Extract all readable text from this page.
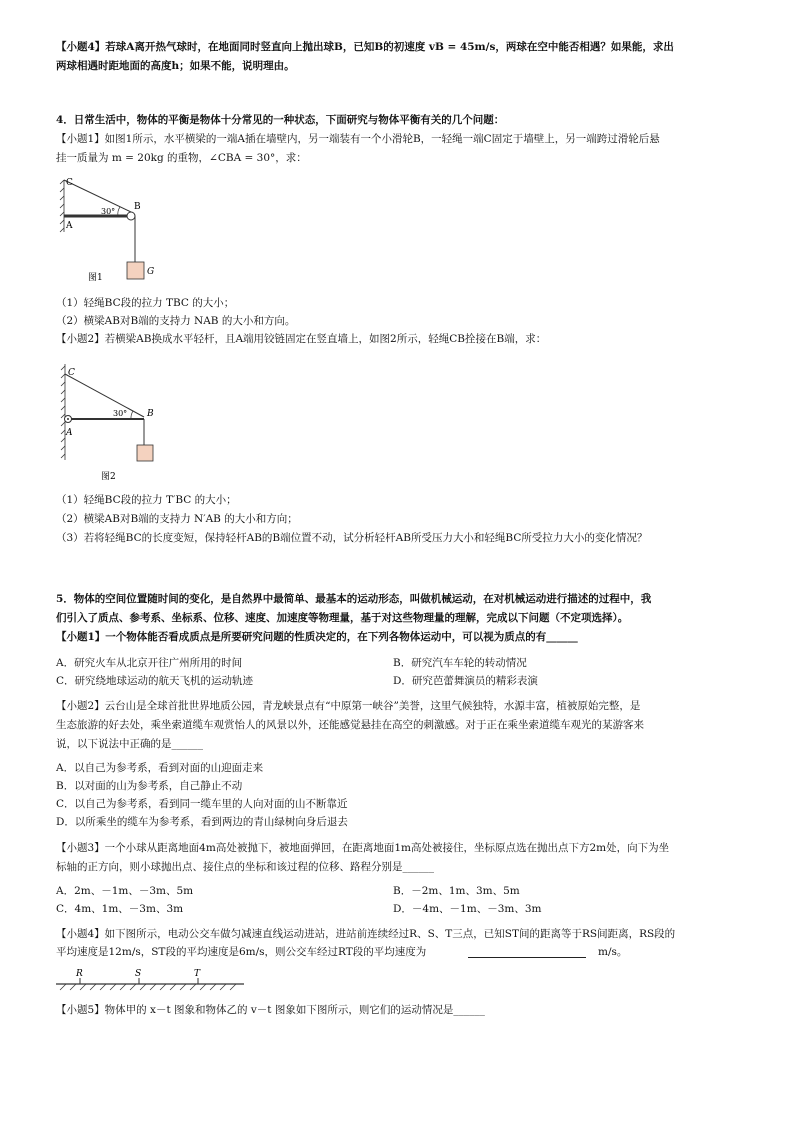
【小题4】若球A离开热气球时，在地面同时竖直向上抛出球B，已知B的初速度 vB = 45m/s，两球在空中能否相遇？如果能，求出
两球相遇时距地面的高度h；如果不能，说明理由。
4．日常生活中，物体的平衡是物体十分常见的一种状态，下面研究与物体平衡有关的几个问题：
【小题1】如图1所示，水平横梁的一端A插在墙壁内，另一端装有一个小滑轮B，一轻绳一端C固定于墙壁上，另一端跨过滑轮后悬
挂一质量为 m = 20kg 的重物，∠CBA = 30°，求：
C
A
B
G
30°
图1
（1）轻绳BC段的拉力 TBC 的大小；
（2）横梁AB对B端的支持力 NAB 的大小和方向。
【小题2】若横梁AB换成水平轻杆，且A端用铰链固定在竖直墙上，如图2所示，轻绳CB拴接在B端，求：
C
A
B
30°
图2
（1）轻绳BC段的拉力 T′BC 的大小；
（2）横梁AB对B端的支持力 N′AB 的大小和方向；
（3）若将轻绳BC的长度变短，保持轻杆AB的B端位置不动，试分析轻杆AB所受压力大小和轻绳BC所受拉力大小的变化情况？
5．物体的空间位置随时间的变化，是自然界中最简单、最基本的运动形态，叫做机械运动，在对机械运动进行描述的过程中，我
们引入了质点、参考系、坐标系、位移、速度、加速度等物理量，基于对这些物理量的理解，完成以下问题（不定项选择）。
【小题1】一个物体能否看成质点是所要研究问题的性质决定的，在下列各物体运动中，可以视为质点的有______
A．研究火车从北京开往广州所用的时间	B．研究汽车车轮的转动情况
C．研究绕地球运动的航天飞机的运动轨迹	D．研究芭蕾舞演员的精彩表演
【小题2】云台山是全球首批世界地质公园，青龙峡景点有“中原第一峡谷”美誉，这里气候独特，水源丰富，植被原始完整，是
生态旅游的好去处，乘坐索道缆车观赏怡人的风景以外，还能感觉悬挂在高空的刺激感。对于正在乘坐索道缆车观光的某游客来
说，以下说法中正确的是______
A．以自己为参考系，看到对面的山迎面走来
B．以对面的山为参考系，自己静止不动
C．以自己为参考系，看到同一缆车里的人向对面的山不断靠近
D．以所乘坐的缆车为参考系，看到两边的青山绿树向身后退去
【小题3】一个小球从距离地面4m高处被抛下，被地面弹回，在距离地面1m高处被接住，坐标原点选在抛出点下方2m处，向下为坐
标轴的正方向，则小球抛出点、接住点的坐标和该过程的位移、路程分别是______
A．2m、－1m、－3m、5m	B．－2m、1m、3m、5m
C．4m、1m、－3m、3m	D．－4m、－1m、－3m、3m
【小题4】如下图所示，电动公交车做匀减速直线运动进站，进站前连续经过R、S、T三点，已知ST间的距离等于RS间距离，RS段的
平均速度是12m/s，ST段的平均速度是6m/s，则公交车经过RT段的平均速度为	m/s。
R	S	T
【小题5】物体甲的 x－t 图象和物体乙的 v－t 图象如下图所示，则它们的运动情况是______
